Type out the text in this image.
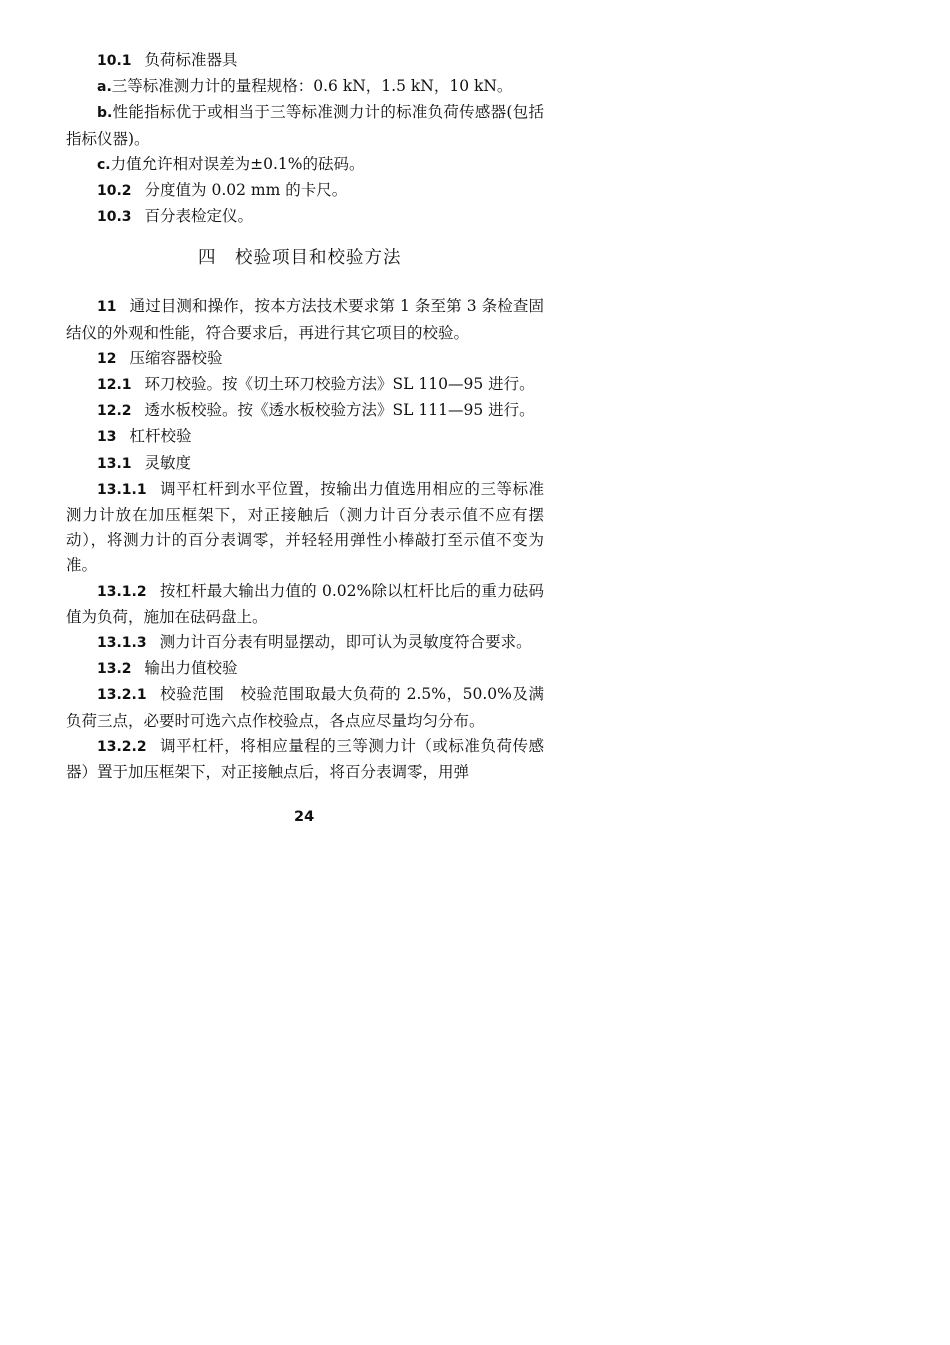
10.1 负荷标准器具

a.三等标准测力计的量程规格：0.6 kN，1.5 kN，10 kN。

b.性能指标优于或相当于三等标准测力计的标准负荷传感器(包括指标仪器)。

c.力值允许相对误差为±0.1%的砝码。

10.2 分度值为 0.02 mm 的卡尺。

10.3 百分表检定仪。

四　校验项目和校验方法

11 通过目测和操作，按本方法技术要求第 1 条至第 3 条检查固结仪的外观和性能，符合要求后，再进行其它项目的校验。

12 压缩容器校验

12.1 环刀校验。按《切土环刀校验方法》SL 110—95 进行。

12.2 透水板校验。按《透水板校验方法》SL 111—95 进行。

13 杠杆校验

13.1 灵敏度

13.1.1 调平杠杆到水平位置，按输出力值选用相应的三等标准测力计放在加压框架下，对正接触后（测力计百分表示值不应有摆动），将测力计的百分表调零，并轻轻用弹性小棒敲打至示值不变为准。

13.1.2 按杠杆最大输出力值的 0.02%除以杠杆比后的重力砝码值为负荷，施加在砝码盘上。

13.1.3 测力计百分表有明显摆动，即可认为灵敏度符合要求。

13.2 输出力值校验

13.2.1 校验范围　校验范围取最大负荷的 2.5%，50.0%及满负荷三点，必要时可选六点作校验点，各点应尽量均匀分布。

13.2.2 调平杠杆，将相应量程的三等测力计（或标准负荷传感器）置于加压框架下，对正接触点后，将百分表调零，用弹

24
